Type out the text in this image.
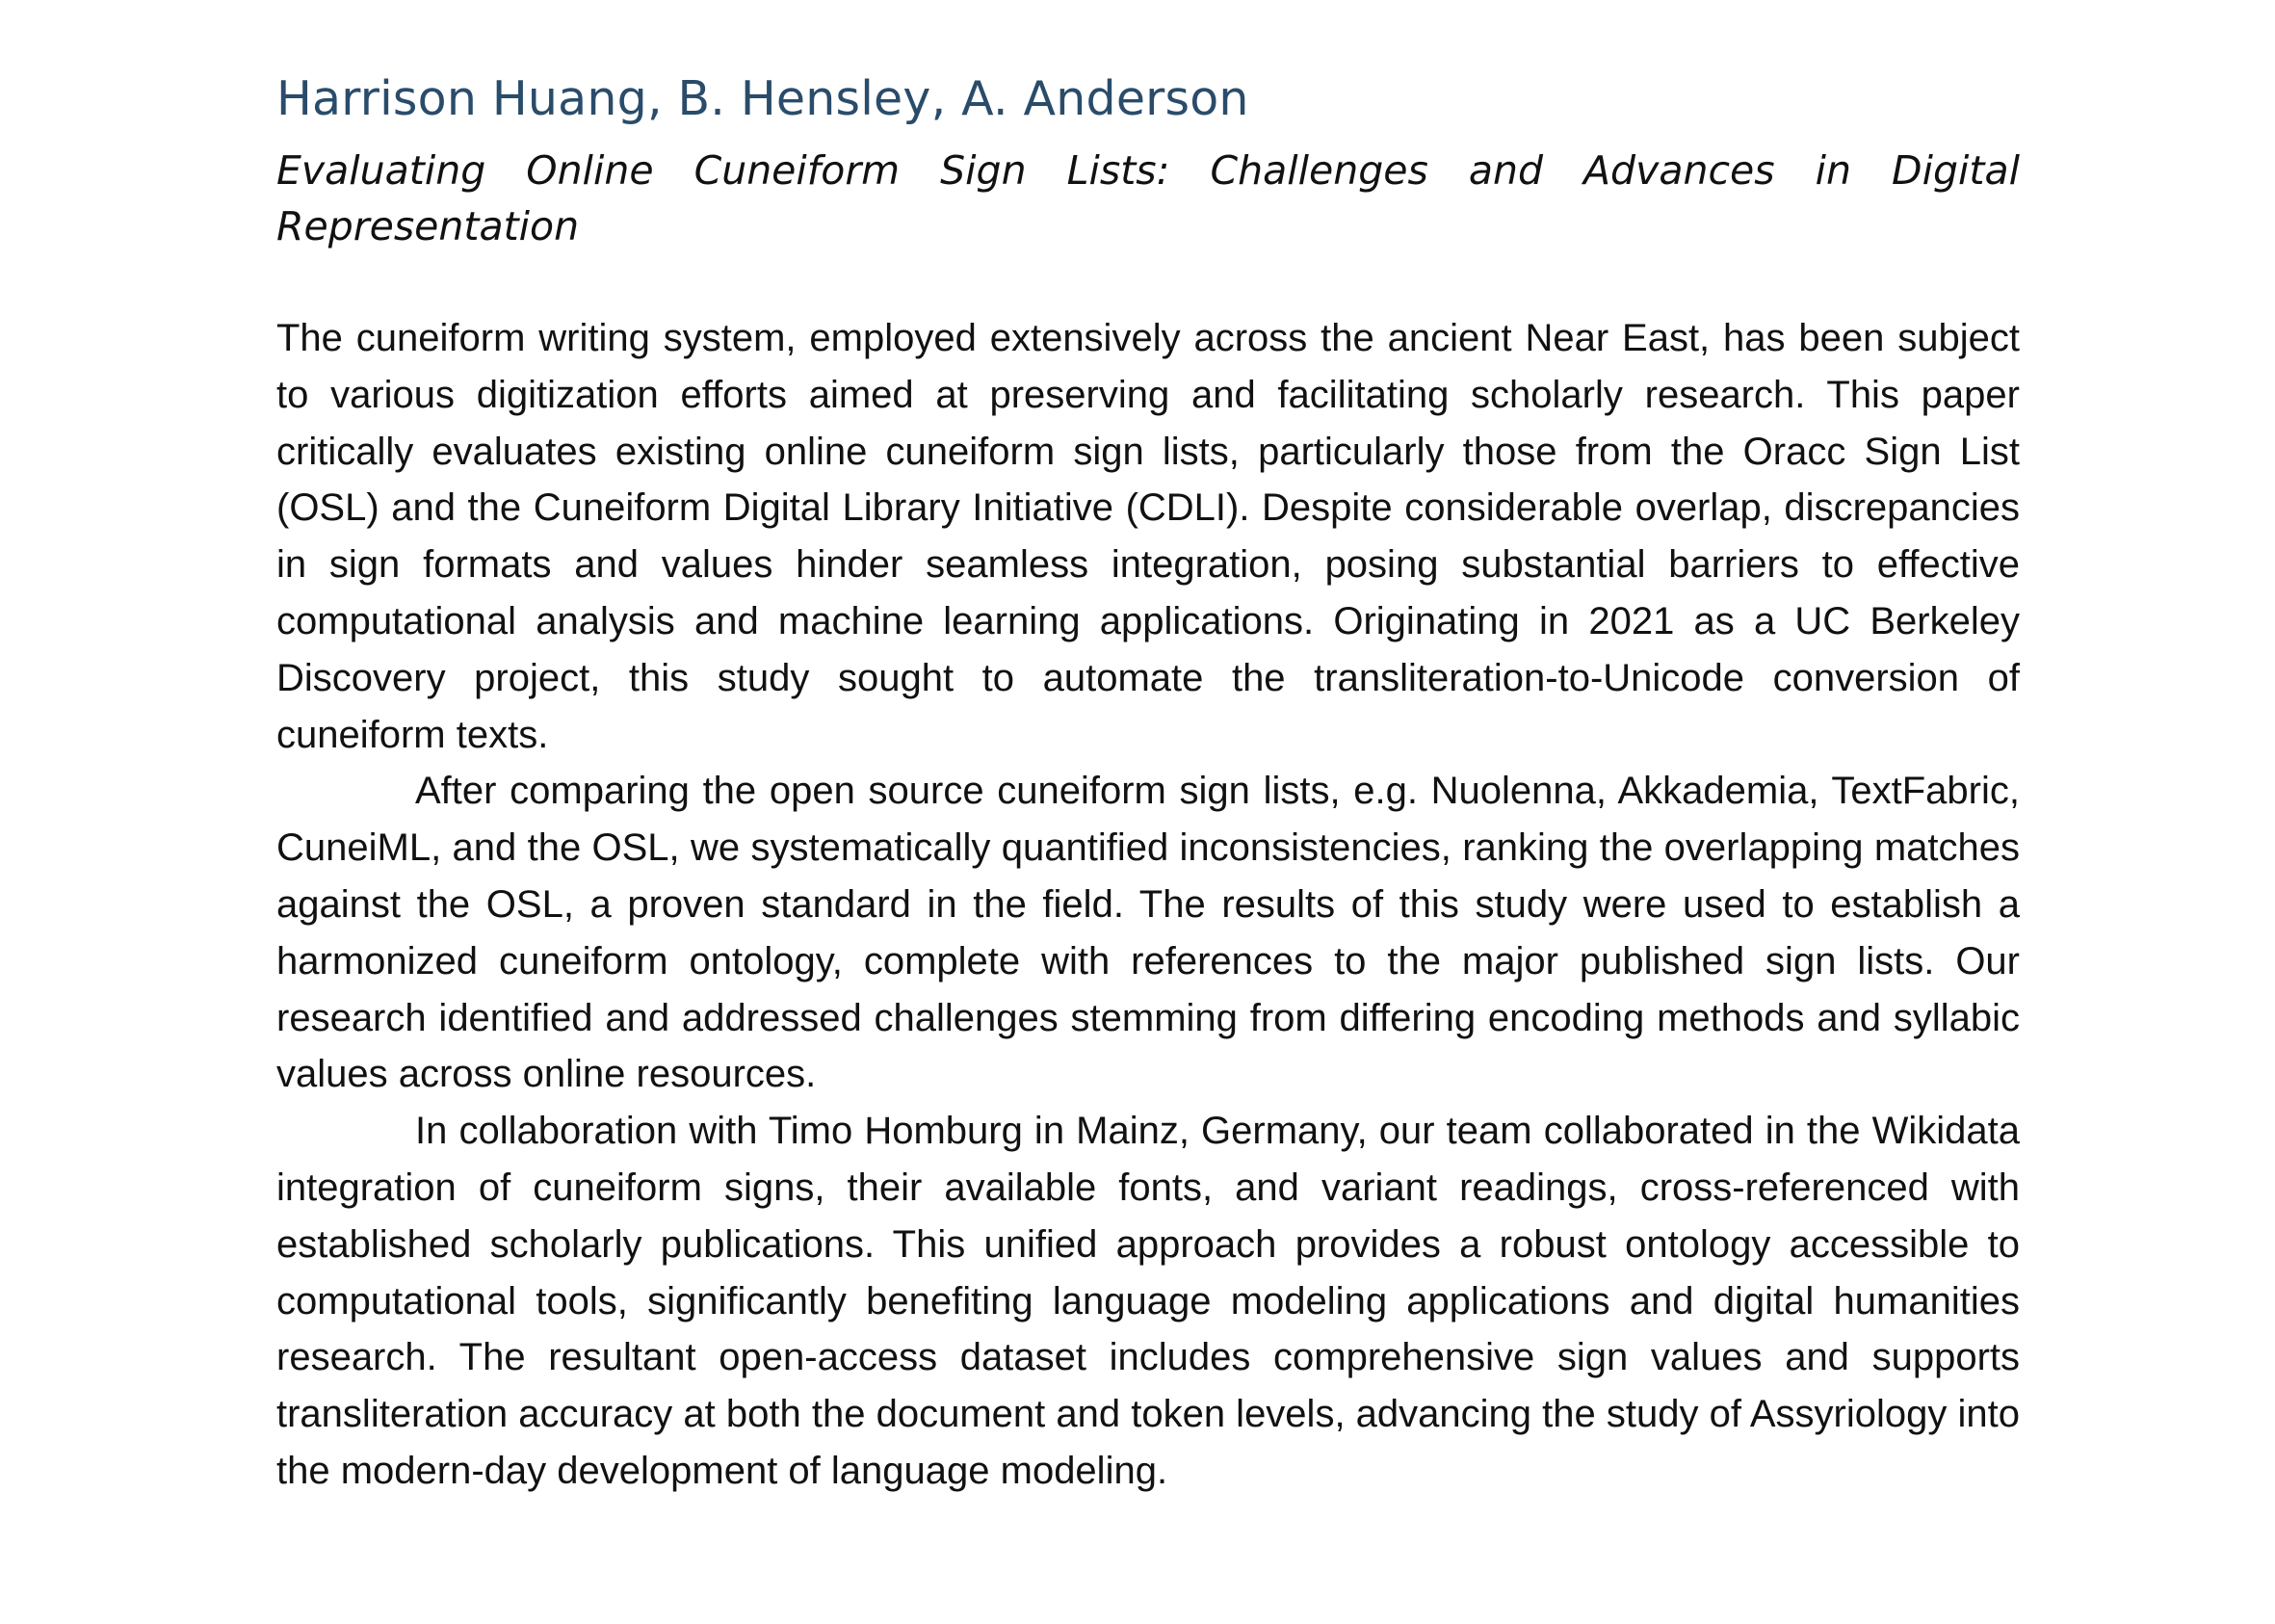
Harrison Huang, B. Hensley, A. Anderson
Evaluating Online Cuneiform Sign Lists: Challenges and Advances in Digital Representation

The cuneiform writing system, employed extensively across the ancient Near East, has been subject to various digitization efforts aimed at preserving and facilitating scholarly research. This paper critically evaluates existing online cuneiform sign lists, particularly those from the Oracc Sign List (OSL) and the Cuneiform Digital Library Initiative (CDLI). Despite considerable overlap, discrepancies in sign formats and values hinder seamless integration, posing substantial barriers to effective computational analysis and machine learning applications. Originating in 2021 as a UC Berkeley Discovery project, this study sought to automate the transliteration-to-Unicode conversion of cuneiform texts.

After comparing the open source cuneiform sign lists, e.g. Nuolenna, Akkademia, TextFabric, CuneiML, and the OSL, we systematically quantified inconsistencies, ranking the overlapping matches against the OSL, a proven standard in the field. The results of this study were used to establish a harmonized cuneiform ontology, complete with references to the major published sign lists. Our research identified and addressed challenges stemming from differing encoding methods and syllabic values across online resources.

In collaboration with Timo Homburg in Mainz, Germany, our team collaborated in the Wikidata integration of cuneiform signs, their available fonts, and variant readings, cross-referenced with established scholarly publications. This unified approach provides a robust ontology accessible to computational tools, significantly benefiting language modeling applications and digital humanities research. The resultant open-access dataset includes comprehensive sign values and supports transliteration accuracy at both the document and token levels, advancing the study of Assyriology into the modern-day development of language modeling.
